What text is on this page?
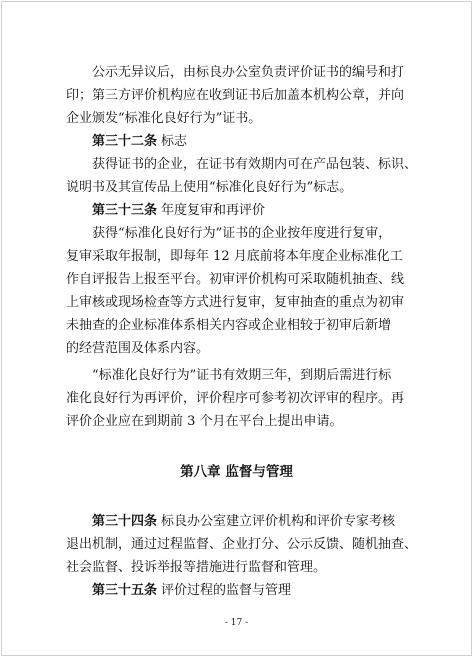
公示无异议后，由标良办公室负责评价证书的编号和打
印；第三方评价机构应在收到证书后加盖本机构公章，并向
企业颁发“标准化良好行为”证书。
第三十二条 标志
获得证书的企业，在证书有效期内可在产品包装、标识、
说明书及其宣传品上使用“标准化良好行为”标志。
第三十三条 年度复审和再评价
获得“标准化良好行为”证书的企业按年度进行复审，
复审采取年报制，即每年 12 月底前将本年度企业标准化工
作自评报告上报至平台。初审评价机构可采取随机抽查、线
上审核或现场检查等方式进行复审，复审抽查的重点为初审
未抽查的企业标准体系相关内容或企业相较于初审后新增
的经营范围及体系内容。
“标准化良好行为”证书有效期三年，到期后需进行标
准化良好行为再评价，评价程序可参考初次评审的程序。再
评价企业应在到期前 3 个月在平台上提出申请。
第三十四条 标良办公室建立评价机构和评价专家考核
退出机制，通过过程监督、企业打分、公示反馈、随机抽查、
社会监督、投诉举报等措施进行监督和管理。
第三十五条 评价过程的监督与管理
第八章 监督与管理
- 17 -
